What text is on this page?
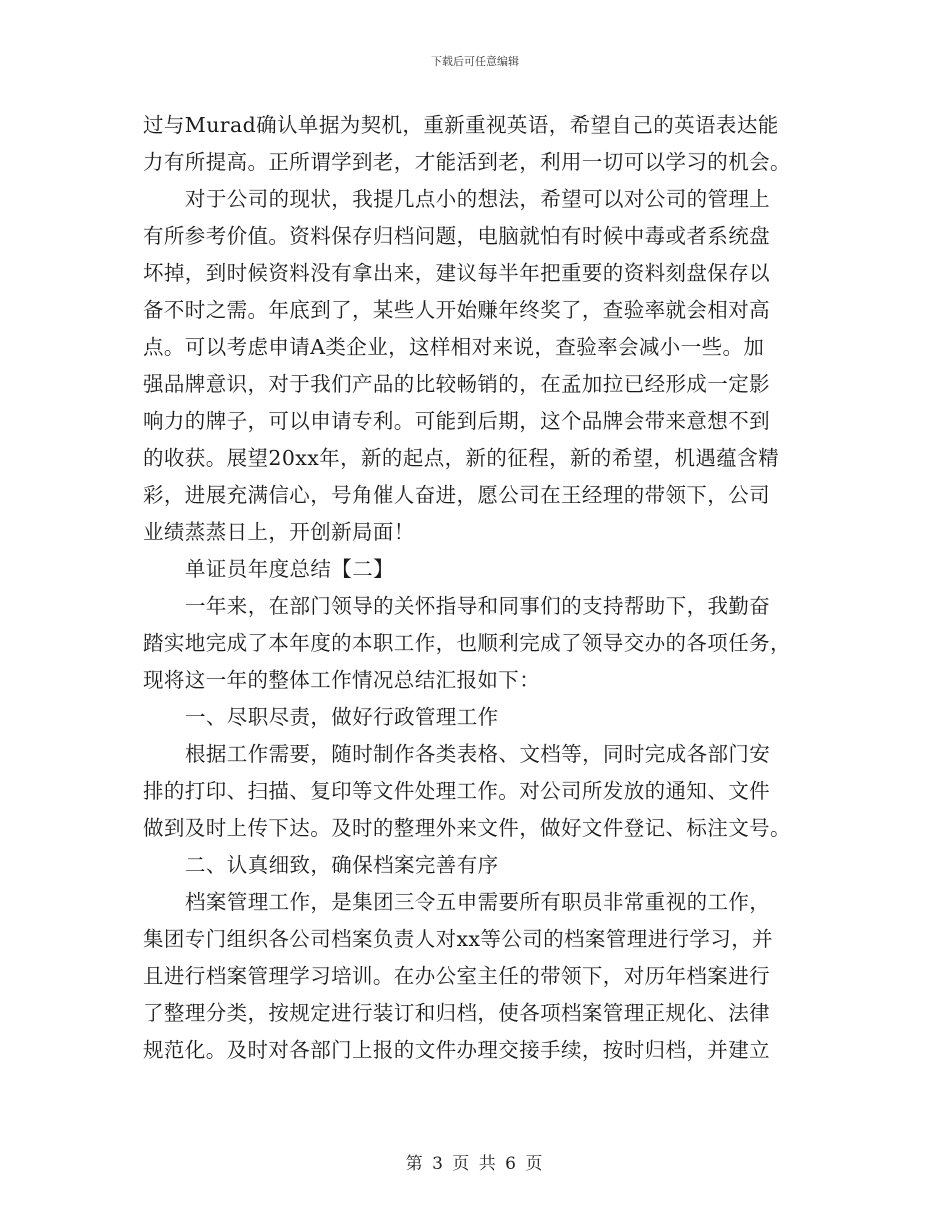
下载后可任意编辑
过与Murad确认单据为契机，重新重视英语，希望自己的英语表达能
力有所提高。正所谓学到老，才能活到老，利用一切可以学习的机会。
对于公司的现状，我提几点小的想法，希望可以对公司的管理上
有所参考价值。资料保存归档问题，电脑就怕有时候中毒或者系统盘
坏掉，到时候资料没有拿出来，建议每半年把重要的资料刻盘保存以
备不时之需。年底到了，某些人开始赚年终奖了，查验率就会相对高
点。可以考虑申请A类企业，这样相对来说，查验率会减小一些。加
强品牌意识，对于我们产品的比较畅销的，在孟加拉已经形成一定影
响力的牌子，可以申请专利。可能到后期，这个品牌会带来意想不到
的收获。展望20xx年，新的起点，新的征程，新的希望，机遇蕴含精
彩，进展充满信心，号角催人奋进，愿公司在王经理的带领下，公司
业绩蒸蒸日上，开创新局面！
单证员年度总结【二】
一年来，在部门领导的关怀指导和同事们的支持帮助下，我勤奋
踏实地完成了本年度的本职工作，也顺利完成了领导交办的各项任务，
现将这一年的整体工作情况总结汇报如下：
一、尽职尽责，做好行政管理工作
根据工作需要，随时制作各类表格、文档等，同时完成各部门安
排的打印、扫描、复印等文件处理工作。对公司所发放的通知、文件
做到及时上传下达。及时的整理外来文件，做好文件登记、标注文号。
二、认真细致，确保档案完善有序
档案管理工作，是集团三令五申需要所有职员非常重视的工作，
集团专门组织各公司档案负责人对xx等公司的档案管理进行学习，并
且进行档案管理学习培训。在办公室主任的带领下，对历年档案进行
了整理分类，按规定进行装订和归档，使各项档案管理正规化、法律
规范化。及时对各部门上报的文件办理交接手续，按时归档，并建立
第 3 页 共 6 页
